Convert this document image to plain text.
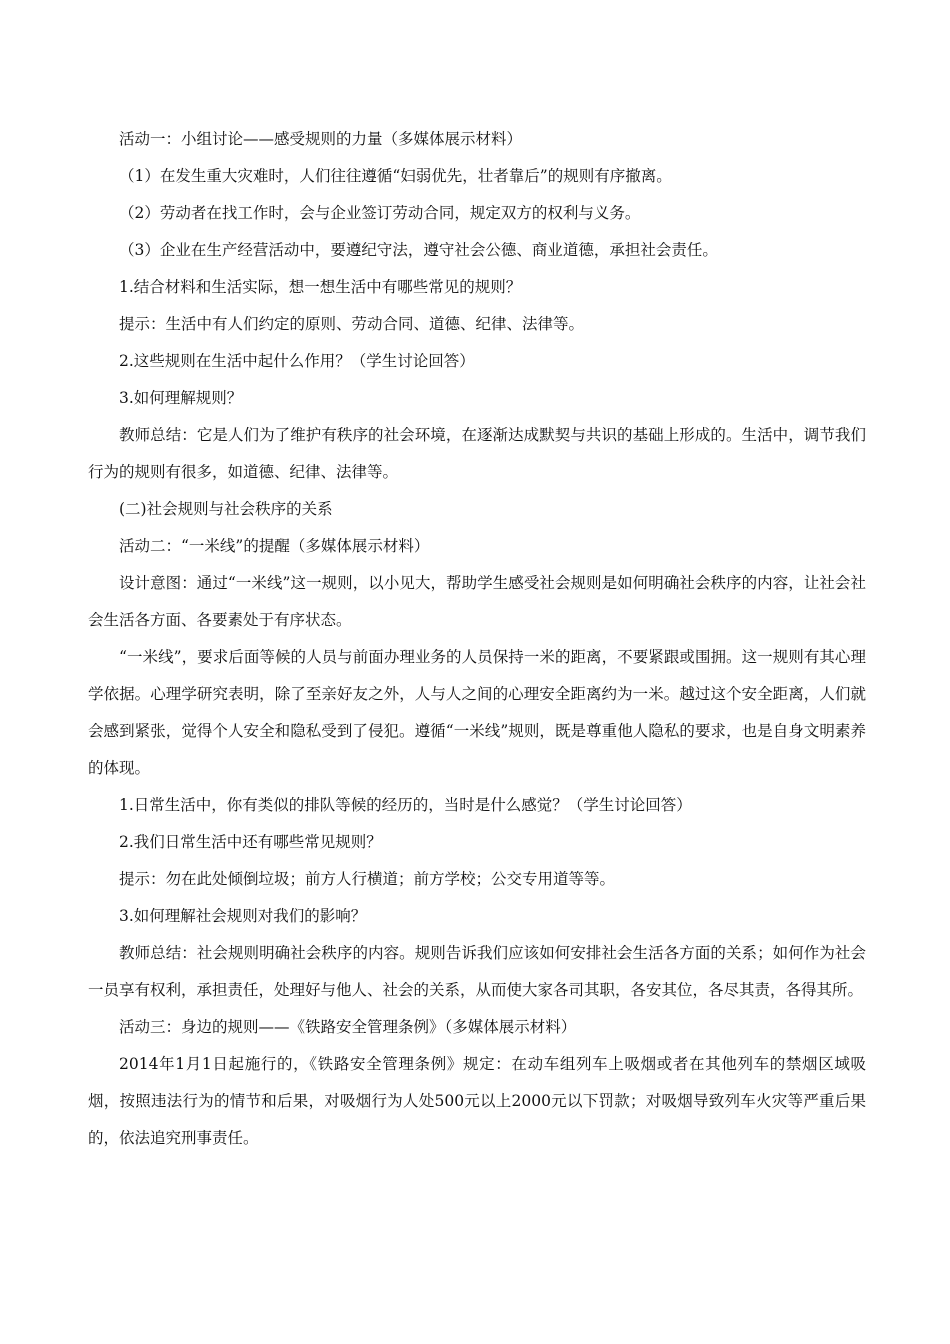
活动一：小组讨论——感受规则的力量（多媒体展示材料）

（1）在发生重大灾难时，人们往往遵循“妇弱优先，壮者靠后”的规则有序撤离。

（2）劳动者在找工作时，会与企业签订劳动合同，规定双方的权利与义务。

（3）企业在生产经营活动中，要遵纪守法，遵守社会公德、商业道德，承担社会责任。

1.结合材料和生活实际，想一想生活中有哪些常见的规则？

提示：生活中有人们约定的原则、劳动合同、道德、纪律、法律等。

2.这些规则在生活中起什么作用？（学生讨论回答）

3.如何理解规则？

教师总结：它是人们为了维护有秩序的社会环境，在逐渐达成默契与共识的基础上形成的。生活中，调节我们行为的规则有很多，如道德、纪律、法律等。

(二)社会规则与社会秩序的关系

活动二：“一米线”的提醒（多媒体展示材料）

设计意图：通过“一米线”这一规则，以小见大，帮助学生感受社会规则是如何明确社会秩序的内容，让社会社会生活各方面、各要素处于有序状态。

“一米线”，要求后面等候的人员与前面办理业务的人员保持一米的距离，不要紧跟或围拥。这一规则有其心理学依据。心理学研究表明，除了至亲好友之外，人与人之间的心理安全距离约为一米。越过这个安全距离，人们就会感到紧张，觉得个人安全和隐私受到了侵犯。遵循“一米线”规则，既是尊重他人隐私的要求，也是自身文明素养的体现。

1.日常生活中，你有类似的排队等候的经历的，当时是什么感觉？（学生讨论回答）

2.我们日常生活中还有哪些常见规则？

提示：勿在此处倾倒垃圾；前方人行横道；前方学校；公交专用道等等。

3.如何理解社会规则对我们的影响？

教师总结：社会规则明确社会秩序的内容。规则告诉我们应该如何安排社会生活各方面的关系；如何作为社会一员享有权利，承担责任，处理好与他人、社会的关系，从而使大家各司其职，各安其位，各尽其责，各得其所。

活动三：身边的规则——《铁路安全管理条例》（多媒体展示材料）

2014年1月1日起施行的，《铁路安全管理条例》规定：在动车组列车上吸烟或者在其他列车的禁烟区域吸烟，按照违法行为的情节和后果，对吸烟行为人处500元以上2000元以下罚款；对吸烟导致列车火灾等严重后果的，依法追究刑事责任。
